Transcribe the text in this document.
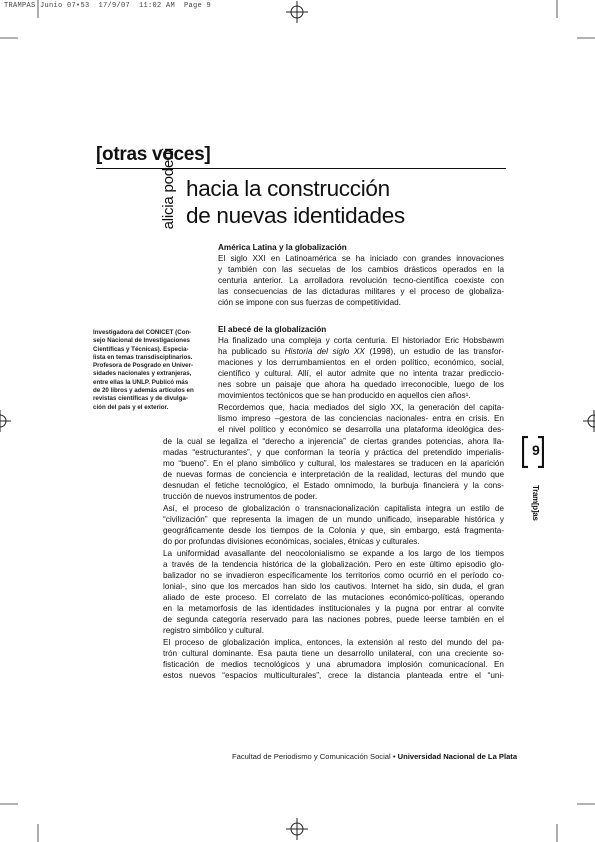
TRAMPAS Junio 07•53  17/9/07  11:02 AM  Page 9
[otras voces]
hacia la construcción
de nuevas identidades
alicia poderti
Investigadora del CONICET (Con-
sejo Nacional de Investigaciones
Científicas y Técnicas). Especia-
lista en temas transdisciplinarios.
Profesora de Posgrado en Univer-
sidades nacionales y extranjeras,
entre ellas la UNLP. Publicó más
de 20 libros y además artículos en
revistas científicas y de divulga-
ción del país y el exterior.
América Latina y la globalización
El siglo XXI en Latinoamérica se ha iniciado con grandes innovaciones
y también con las secuelas de los cambios drásticos operados en la
centuria anterior. La arrolladora revolución tecno-científica coexiste con
las consecuencias de las dictaduras militares y el proceso de globaliza-
ción se impone con sus fuerzas de competitividad.
El abecé de la globalización
Ha finalizado una compleja y corta centuria. El historiador Eric Hobsbawm
ha publicado su Historia del siglo XX (1998), un estudio de las transfor-
maciones y los derrumbamientos en el orden político, económico, social,
científico y cultural. Allí, el autor admite que no intenta trazar prediccio-
nes sobre un paisaje que ahora ha quedado irreconocible, luego de los
movimientos tectónicos que se han producido en aquellos cien años¹.
Recordemos que, hacia mediados del siglo XX, la generación del capita-
lismo impreso –gestora de las conciencias nacionales- entra en crisis. En
el nivel político y económico se desarrolla una plataforma ideológica des-
de la cual se legaliza el “derecho a injerencia” de ciertas grandes potencias, ahora lla-
madas “estructurantes”, y que conforman la teoría y práctica del pretendido imperialis-
mo “bueno”. En el plano simbólico y cultural, los malestares se traducen en la aparición
de nuevas formas de conciencia e interpretación de la realidad, lecturas del mundo que
desnudan el fetiche tecnológico, el Estado omnímodo, la burbuja financiera y la cons-
trucción de nuevos instrumentos de poder.
Así, el proceso de globalización o transnacionalización capitalista integra un estilo de
“civilización” que representa la imagen de un mundo unificado, inseparable histórica y
geográficamente desde los tiempos de la Colonia y que, sin embargo, está fragmenta-
do por profundas divisiones económicas, sociales, étnicas y culturales.
La uniformidad avasallante del neocolonialismo se expande a los largo de los tiempos
a través de la tendencia histórica de la globalización. Pero en este último episodio glo-
balizador no se invadieron específicamente los territorios como ocurrió en el período co-
lonial-, sino que los mercados han sido los cautivos. Internet ha sido, sin duda, el gran
aliado de este proceso. El correlato de las mutaciones económico-políticas, operando
en la metamorfosis de las identidades institucionales y la pugna por entrar al convite
de segunda categoría reservado para las naciones pobres, puede leerse también en el
registro simbólico y cultural.
El proceso de globalización implica, entonces, la extensión al resto del mundo del pa-
trón cultural dominante. Esa pauta tiene un desarrollo unilateral, con una creciente so-
fisticación de medios tecnológicos y una abrumadora implosión comunicacional. En
estos nuevos “espacios multiculturales”, crece la distancia planteada entre el “uni-
Facultad de Periodismo y Comunicación Social • Universidad Nacional de La Plata
9
Tram[p]as
